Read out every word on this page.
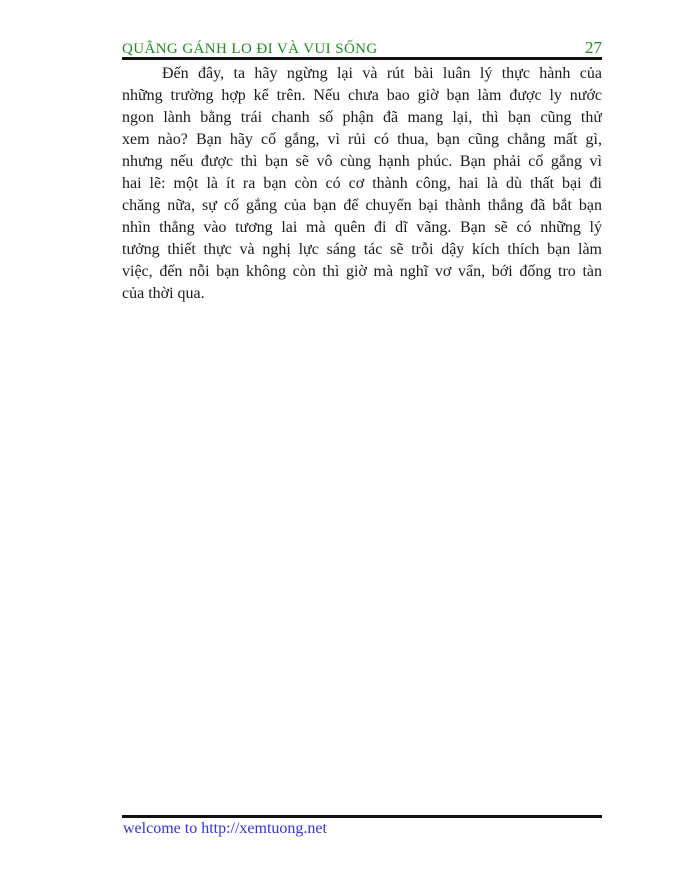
QUẲNG GÁNH LO ĐI VÀ VUI SỐNG	27
Đến đây, ta hãy ngừng lại và rút bài luân lý thực hành của
những trường hợp kể trên. Nếu chưa bao giờ bạn làm được ly nước
ngon lành bằng trái chanh số phận đã mang lại, thì bạn cũng thử
xem nào? Bạn hãy cố gắng, vì rủi có thua, bạn cũng chẳng mất gì,
nhưng nếu được thì bạn sẽ vô cùng hạnh phúc. Bạn phải cố gắng vì
hai lẽ: một là ít ra bạn còn có cơ thành công, hai là dù thất bại đi
chăng nữa, sự cố gắng của bạn để chuyển bại thành thắng đã bắt bạn
nhìn thẳng vào tương lai mà quên đi dĩ vãng. Bạn sẽ có những lý
tưởng thiết thực và nghị lực sáng tác sẽ trỗi dậy kích thích bạn làm
việc, đến nỗi bạn không còn thì giờ mà nghĩ vơ vẩn, bới đống tro tàn
của thời qua.
welcome to http://xemtuong.net
